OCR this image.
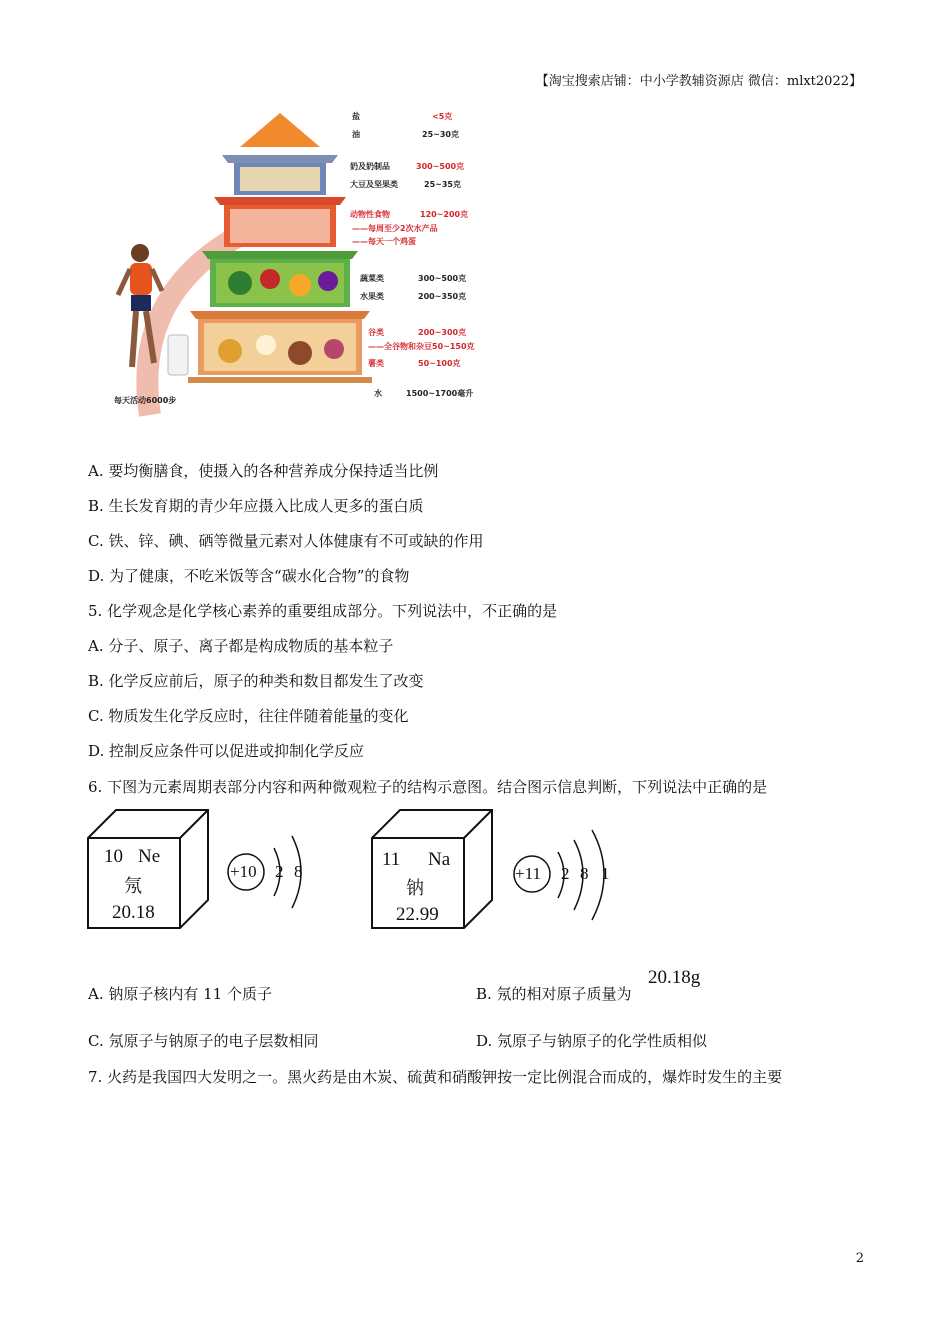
【淘宝搜索店铺：中小学教辅资源店 微信：mlxt2022】
盐	<5克
油	25~30克
奶及奶制品	300~500克
大豆及坚果类	25~35克
动物性食物	120~200克
——每周至少2次水产品
——每天一个鸡蛋
蔬菜类	300~500克
水果类	200~350克
谷类	200~300克
——全谷物和杂豆50~150克
薯类	50~100克
水	1500~1700毫升
每天活动6000步
A. 要均衡膳食，使摄入的各种营养成分保持适当比例
B. 生长发育期的青少年应摄入比成人更多的蛋白质
C. 铁、锌、碘、硒等微量元素对人体健康有不可或缺的作用
D. 为了健康，不吃米饭等含“碳水化合物”的食物
5. 化学观念是化学核心素养的重要组成部分。下列说法中，不正确的是
A. 分子、原子、离子都是构成物质的基本粒子
B. 化学反应前后，原子的种类和数目都发生了改变
C. 物质发生化学反应时，往往伴随着能量的变化
D. 控制反应条件可以促进或抑制化学反应
6. 下图为元素周期表部分内容和两种微观粒子的结构示意图。结合图示信息判断，下列说法中正确的是
10 Ne
氖
20.18
+10 2 8
11 Na
钠
22.99
+11 2 8 1
A. 钠原子核内有 11 个质子	B. 氖的相对原子质量为
20.18g
C. 氖原子与钠原子的电子层数相同	D. 氖原子与钠原子的化学性质相似
7. 火药是我国四大发明之一。黑火药是由木炭、硫黄和硝酸钾按一定比例混合而成的，爆炸时发生的主要
2
